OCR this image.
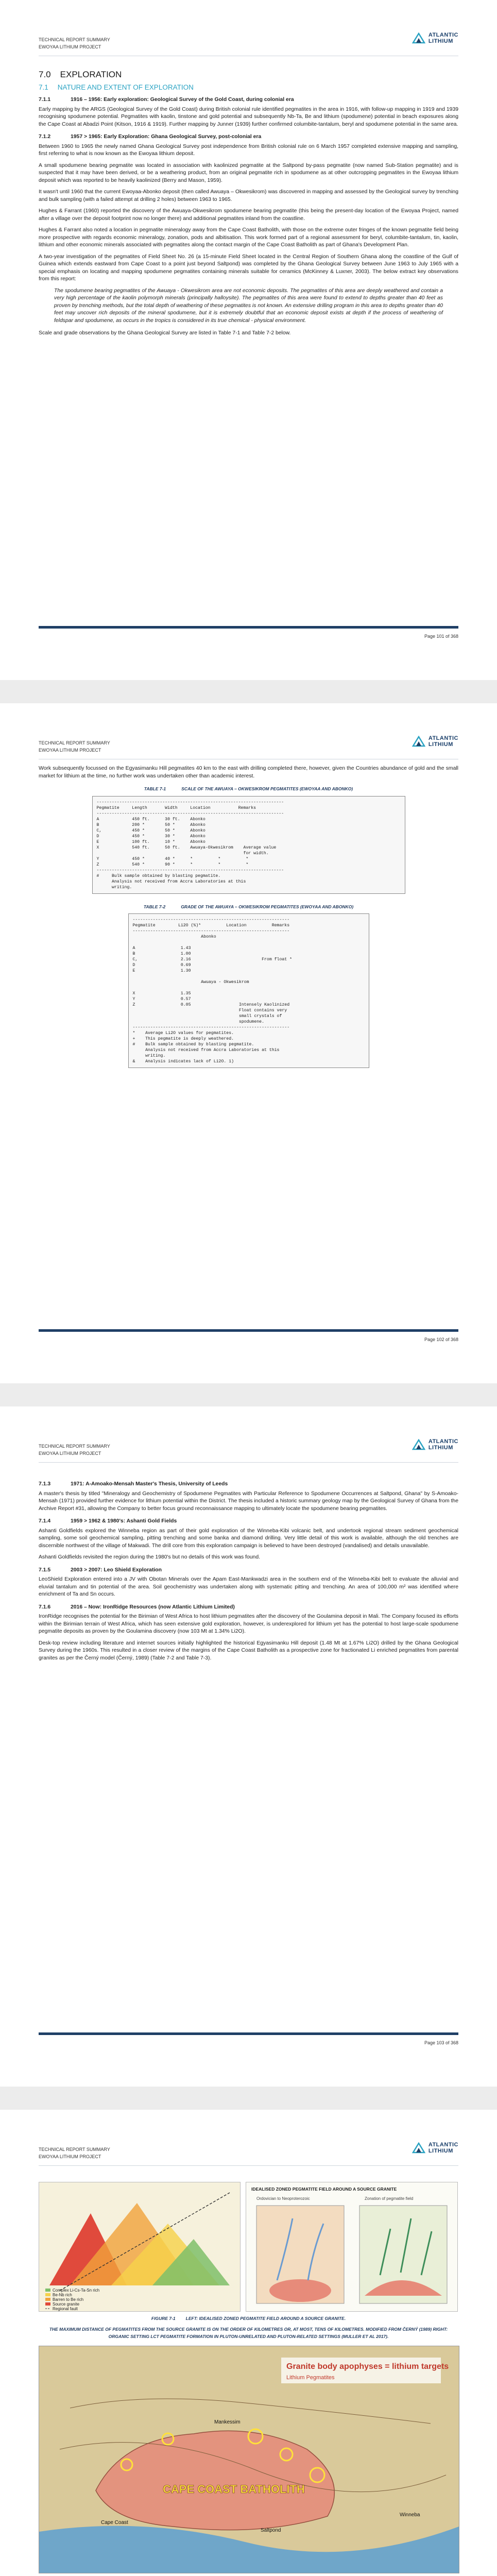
TECHNICAL REPORT SUMMARY
EWOYAA LITHIUM PROJECT
ATLANTIC
LITHIUM
7.0 EXPLORATION
7.1 NATURE AND EXTENT OF EXPLORATION
7.1.1	1916 – 1956: Early exploration: Geological Survey of the Gold Coast, during colonial era

Early mapping by the ARGS (Geological Survey of the Gold Coast) during British colonial rule identified pegmatites in the area in 1916, with follow-up mapping in 1919 and 1939 recognising spodumene potential. Pegmatites with kaolin, tinstone and gold potential and subsequently Nb-Ta, Be and lithium (spodumene) potential in beach exposures along the Cape Coast at Abadzi Point (Kitson, 1916 & 1919). Further mapping by Junner (1939) further confirmed columbite-tantalum, beryl and spodumene potential in the same area.

7.1.2	1957 > 1965: Early Exploration: Ghana Geological Survey, post-colonial era

Between 1960 to 1965 the newly named Ghana Geological Survey post independence from British colonial rule on 6 March 1957 completed extensive mapping and sampling, first referring to what is now known as the Ewoyaa lithium deposit.

A small spodumene bearing pegmatite was located in association with kaolinized pegmatite at the Saltpond by-pass pegmatite (now named Sub-Station pegmatite) and is suspected that it may have been derived, or be a weathering product, from an original pegmatite rich in spodumene as at other outcropping pegmatites in the Ewoyaa lithium deposit which was reported to be heavily kaolinized (Berry and Mason, 1959).

It wasn't until 1960 that the current Ewoyaa-Abonko deposit (then called Awuaya – Okwesikrom) was discovered in mapping and assessed by the Geological survey by trenching and bulk sampling (with a failed attempt at drilling 2 holes) between 1963 to 1965.

Hughes & Farrant (1960) reported the discovery of the Awuaya-Okwesikrom spodumene bearing pegmatite (this being the present-day location of the Ewoyaa Project, named after a village over the deposit footprint now no longer there) and additional pegmatites inland from the coastline.

Hughes & Farrant also noted a location in pegmatite mineralogy away from the Cape Coast Batholith, with those on the extreme outer fringes of the known pegmatite field being more prospective with regards economic mineralogy, zonation, pods and albitisation. This work formed part of a regional assessment for beryl, columbite-tantalum, tin, kaolin, lithium and other economic minerals associated with pegmatites along the contact margin of the Cape Coast Batholith as part of Ghana's Development Plan.

A two-year investigation of the pegmatites of Field Sheet No. 26 (a 15-minute Field Sheet located in the Central Region of Southern Ghana along the coastline of the Gulf of Guinea which extends eastward from Cape Coast to a point just beyond Saltpond) was completed by the Ghana Geological Survey between June 1963 to July 1965 with a special emphasis on locating and mapping spodumene pegmatites containing minerals suitable for ceramics (McKinney & Luxner, 2003). The below extract key observations from this report:

The spodumene bearing pegmatites of the Awuaya - Okwesikrom area are not economic deposits. The pegmatites of this area are deeply weathered and contain a very high percentage of the kaolin polymorph minerals (principally halloysite). The pegmatites of this area were found to extend to depths greater than 40 feet as proven by trenching methods, but the total depth of weathering of these pegmatites is not known. An extensive drilling program in this area to depths greater than 40 feet may uncover rich deposits of the mineral spodumene, but it is extremely doubtful that an economic deposit exists at depth if the process of weathering of feldspar and spodumene, as occurs in the tropics is considered in its true chemical - physical environment.

Scale and grade observations by the Ghana Geological Survey are listed in Table 7-1 and Table 7-2 below.

Page 101 of 368
TECHNICAL REPORT SUMMARY
EWOYAA LITHIUM PROJECT
ATLANTIC
LITHIUM

Work subsequently focussed on the Egyasimanku Hill pegmatites 40 km to the east with drilling completed there, however, given the Countries abundance of gold and the small market for lithium at the time, no further work was undertaken other than academic interest.

TABLE 7-1	SCALE OF THE AWUAYA – OKWESIKROM PEGMATITES (EWOYAA AND ABONKO)
--------------------------------------------------------------------------
Pegmatite     Length       Width     Location           Remarks
--------------------------------------------------------------------------
A             450 ft.      30 ft.    Abonko
B             200 *        50 *      Abonko
C,            450 *        50 *      Abonko
D             450 *        30 *      Abonko
E             100 ft.      10 *      Abonko
X             540 ft.      50 ft.    Awuaya-Okwesikrom    Average value
for width.
Y             450 *        40 *      *          *          *
Z             540 *        90 *      *          *          *
--------------------------------------------------------------------------
#     Bulk sample obtained by blasting pegmatite.
Analysis not received from Accra Laboratories at this
writing.
TABLE 7-2	GRADE OF THE AWUAYA – OKWESIKROM PEGMATITES (EWOYAA AND ABONKO)
--------------------------------------------------------------
Pegmatite         Li2O (%)*          Location          Remarks
--------------------------------------------------------------
Abonko

A                  1.43
B                  1.00
C,                 2.16                            From float *
D                  0.69
E                  1.30

Awuaya - Okwesikrom

X                  1.35
Y                  0.57
Z                  0.05                   Intensely Kaolinized
Float contains very
small crystals of
spodumene.
--------------------------------------------------------------
*    Average Li2O values for pegmatites.
+    This pegmatite is deeply weathered.
#    Bulk sample obtained by blasting pegmatite.
Analysis not received from Accra Laboratories at this
writing.
&    Analysis indicates lack of Li2O. 1)
Page 102 of 368
TECHNICAL REPORT SUMMARY
EWOYAA LITHIUM PROJECT
ATLANTIC
LITHIUM
7.1.3	1971: A-Amoako-Mensah Master's Thesis, University of Leeds

A master's thesis by titled "Mineralogy and Geochemistry of Spodumene Pegmatites with Particular Reference to Spodumene Occurrences at Saltpond, Ghana" by S-Amoako-Mensah (1971) provided further evidence for lithium potential within the District. The thesis included a historic summary geology map by the Geological Survey of Ghana from the Archive Report #31, allowing the Company to better focus ground reconnaissance mapping to ultimately locate the spodumene bearing pegmatites.

7.1.4	1959 > 1962 & 1980's: Ashanti Gold Fields

Ashanti Goldfields explored the Winneba region as part of their gold exploration of the Winneba-Kibi volcanic belt, and undertook regional stream sediment geochemical sampling, some soil geochemical sampling, pitting trenching and some banka and diamond drilling. Very little detail of this work is available, although the old trenches are discernible northwest of the village of Makwadi. The drill core from this exploration campaign is believed to have been destroyed (vandalised) and details unavailable.

Ashanti Goldfields revisited the region during the 1980's but no details of this work was found.

7.1.5	2003 > 2007: Leo Shield Exploration

LeoShield Exploration entered into a JV with Obotan Minerals over the Apam East-Mankwadzi area in the southern end of the Winneba-Kibi belt to evaluate the alluvial and eluvial tantalum and tin potential of the area. Soil geochemistry was undertaken along with systematic pitting and trenching. An area of 100,000 m² was identified where enrichment of Ta and Sn occurs.

7.1.6	2016 – Now: IronRidge Resources (now Atlantic Lithium Limited)

IronRidge recognises the potential for the Birimian of West Africa to host lithium pegmatites after the discovery of the Goulamina deposit in Mali. The Company focused its efforts within the Birimian terrain of West Africa, which has seen extensive gold exploration, however, is underexplored for lithium yet has the potential to host large-scale spodumene pegmatite deposits as proven by the Goulamina discovery (now 103 Mt at 1.34% Li2O).

Desk-top review including literature and internet sources initially highlighted the historical Egyasimanku Hill deposit (1.48 Mt at 1.67% Li2O) drilled by the Ghana Geological Survey during the 1960s. This resulted in a closer review of the margins of the Cape Coast Batholith as a prospective zone for fractionated Li enriched pegmatites from parental granites as per the Černý model (Černý, 1989) (Table 7-2 and Table 7-3).

Page 103 of 368
TECHNICAL REPORT SUMMARY
EWOYAA LITHIUM PROJECT
ATLANTIC
LITHIUM
Complex Li-Cs-Ta-Sn rich
Be-Nb rich
Barren to Be rich
Source granite
Regional fault
IDEALISED ZONED PEGMATITE FIELD AROUND A SOURCE GRANITE
Ordovician to Neoproterozoic	Zonation of pegmatite field
FIGURE 7-1 LEFT: IDEALISED ZONED PEGMATITE FIELD AROUND A SOURCE GRANITE.
THE MAXIMUM DISTANCE OF PEGMATITES FROM THE SOURCE GRANITE IS ON THE ORDER OF KILOMETRES OR, AT MOST, TENS OF KILOMETRES. MODIFIED FROM ČERNÝ (1989) RIGHT: ORGANIC SETTING LCT PEGMATITE FORMATION IN PLUTON-UNRELATED AND PLUTON-RELATED SETTINGS (MULLER ET AL 2017).
Granite body apophyses = lithium targets
Lithium Pegmatites
CAPE COAST BATHOLITH
Saltpond
Mankessim
Cape Coast
Winneba
